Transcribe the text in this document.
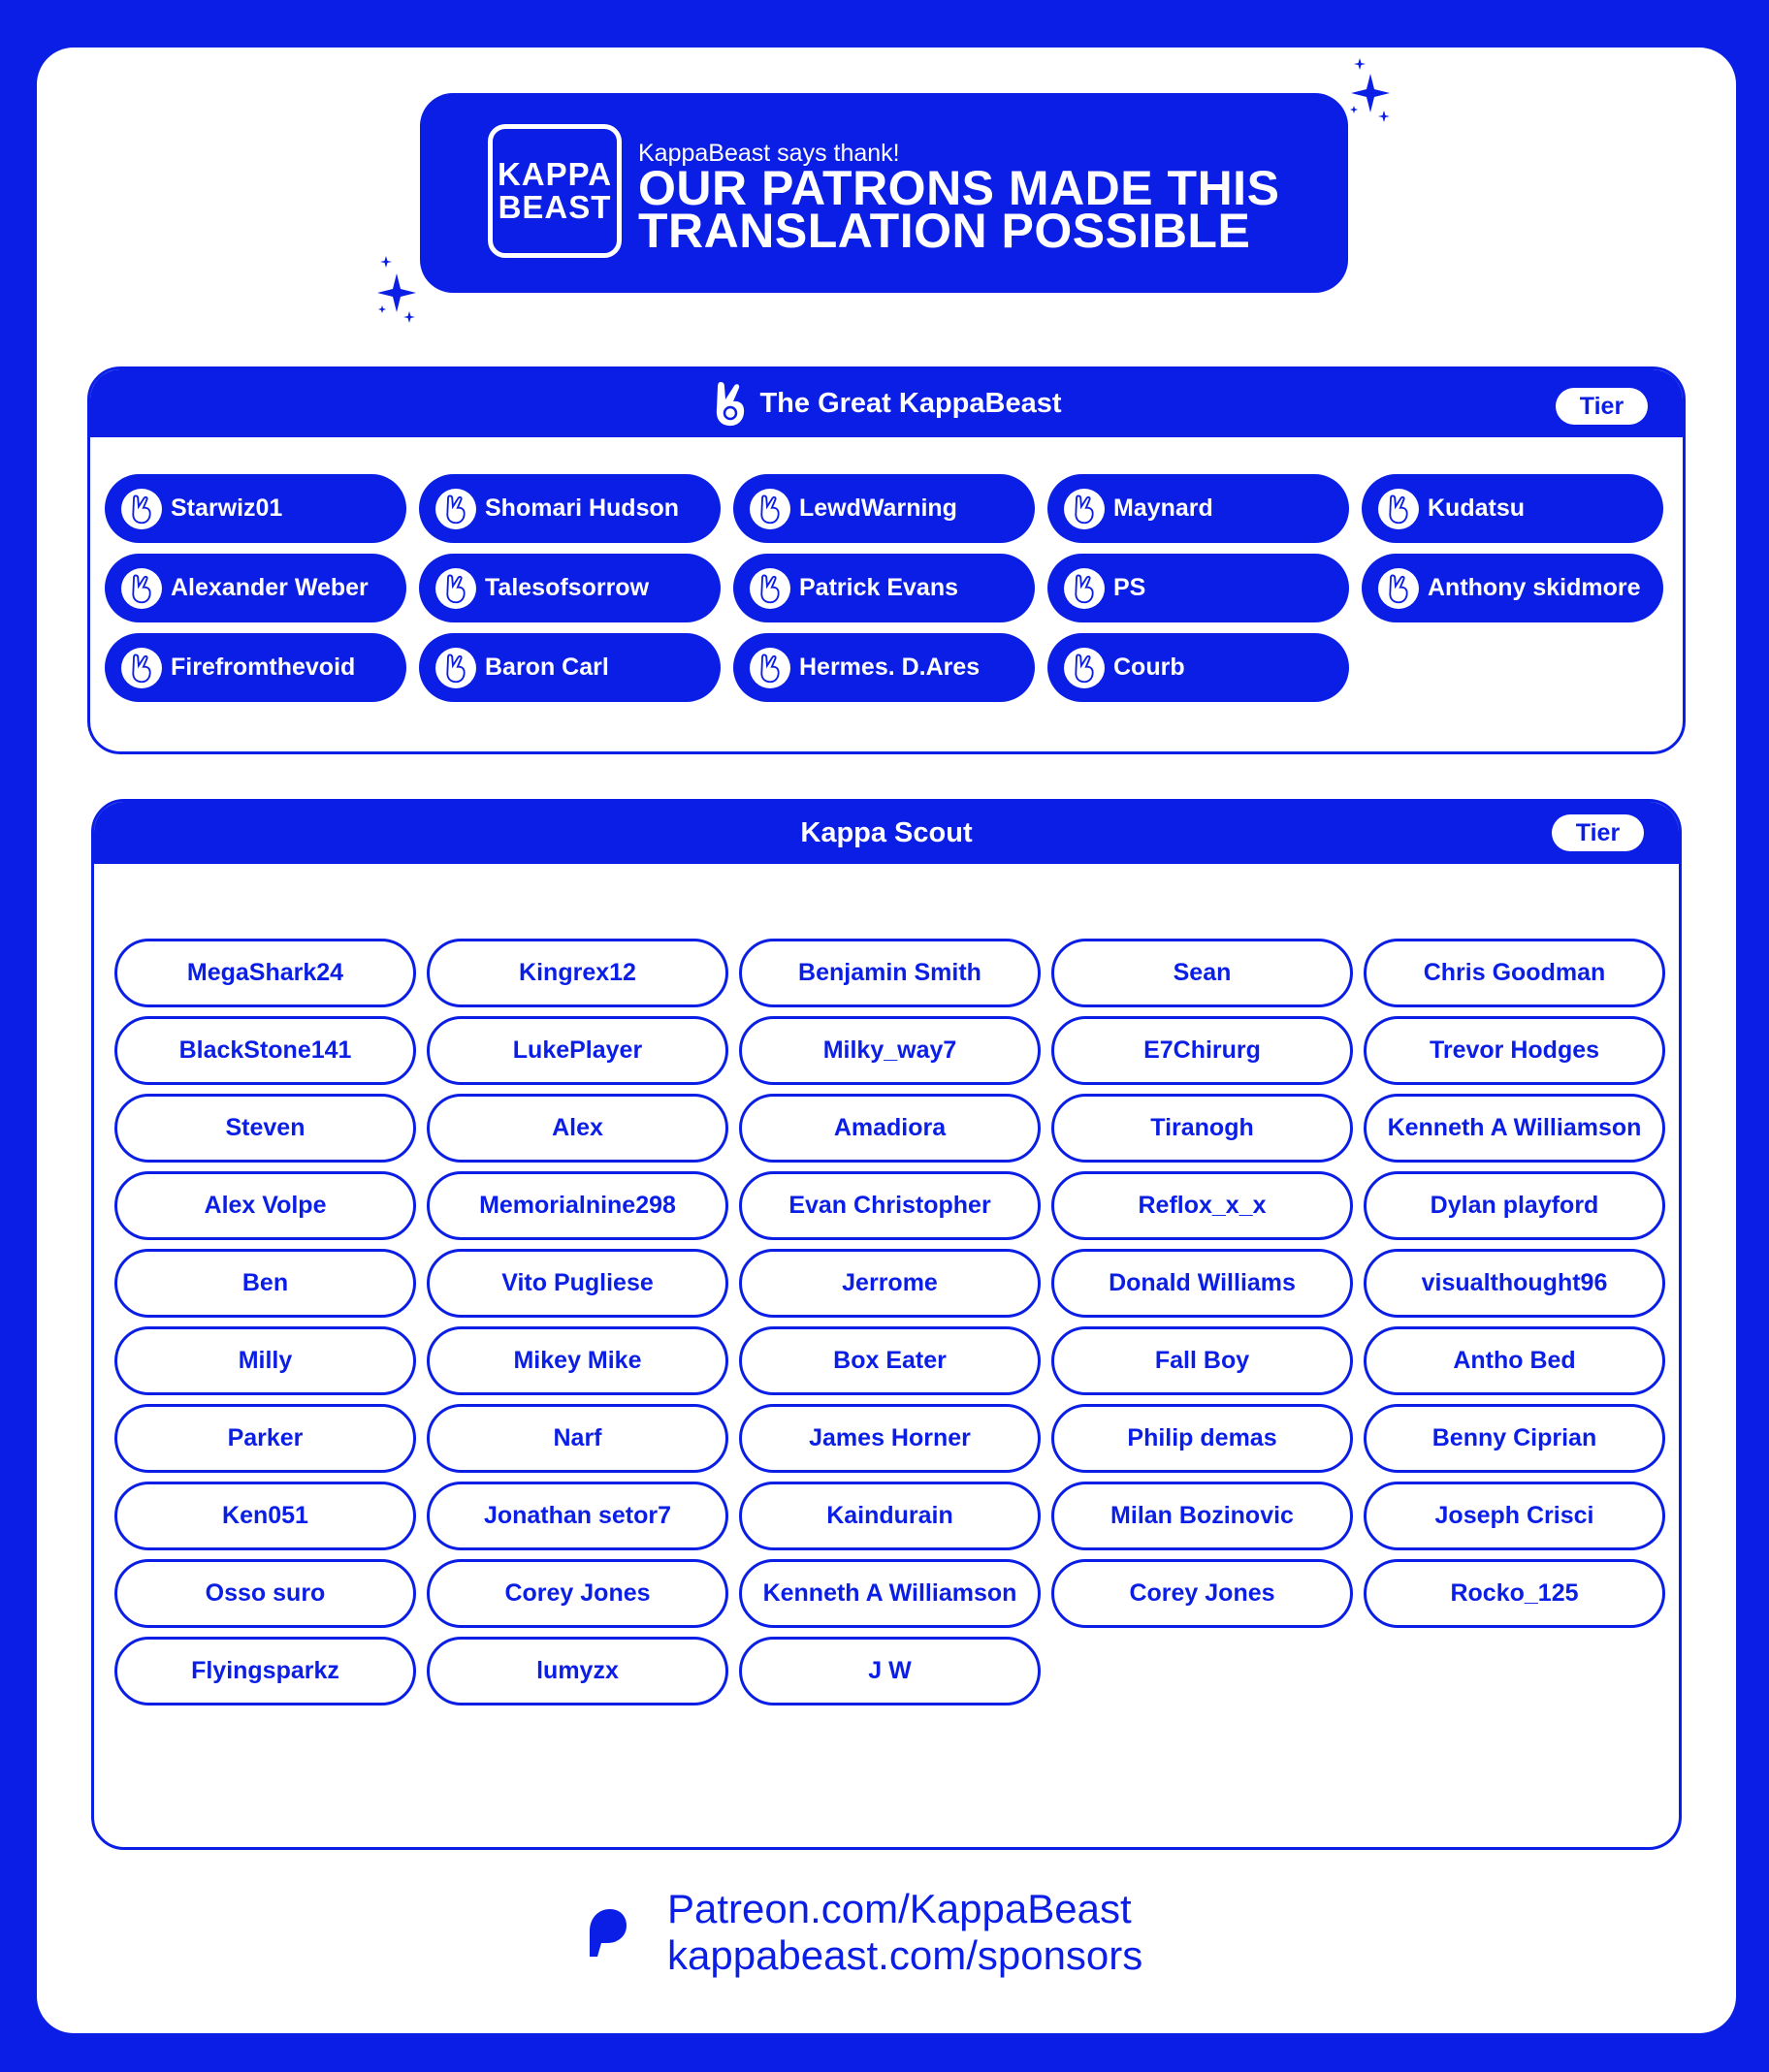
KAPPA
BEAST
KappaBeast says thank!
OUR PATRONS MADE THIS
TRANSLATION POSSIBLE
The Great KappaBeast	Tier
Starwiz01	Shomari Hudson	LewdWarning	Maynard	Kudatsu
Alexander Weber	Talesofsorrow	Patrick Evans	PS	Anthony skidmore
Firefromthevoid	Baron Carl	Hermes. D.Ares	Courb
Kappa Scout	Tier
MegaShark24	Kingrex12	Benjamin Smith	Sean	Chris Goodman
BlackStone141	LukePlayer	Milky_way7	E7Chirurg	Trevor Hodges
Steven	Alex	Amadiora	Tiranogh	Kenneth A Williamson
Alex Volpe	Memorialnine298	Evan Christopher	Reflox_x_x	Dylan playford
Ben	Vito Pugliese	Jerrome	Donald Williams	visualthought96
Milly	Mikey Mike	Box Eater	Fall Boy	Antho Bed
Parker	Narf	James Horner	Philip demas	Benny Ciprian
Ken051	Jonathan setor7	Kaindurain	Milan Bozinovic	Joseph Crisci
Osso suro	Corey Jones	Kenneth A Williamson	Corey Jones	Rocko_125
Flyingsparkz	lumyzx	J W
Patreon.com/KappaBeast
kappabeast.com/sponsors
